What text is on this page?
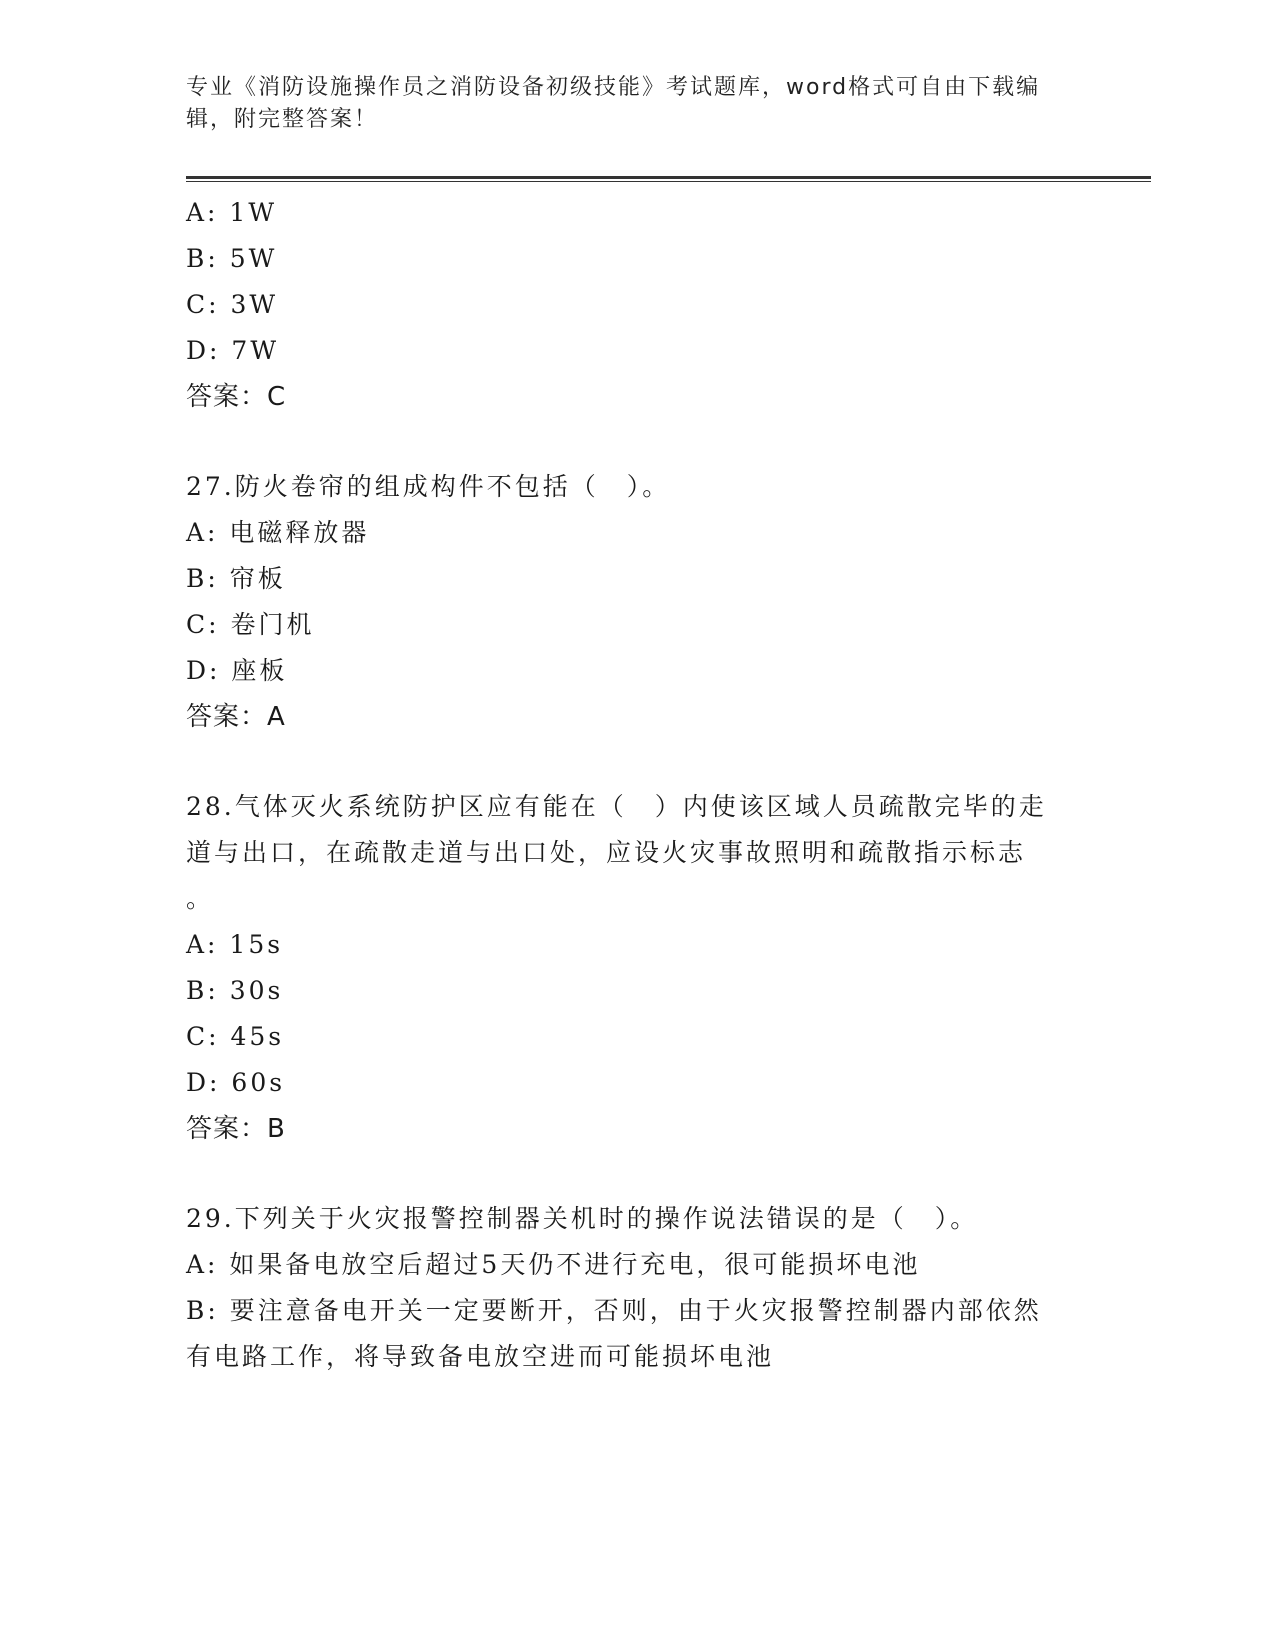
专业《消防设施操作员之消防设备初级技能》考试题库，word格式可自由下载编辑，附完整答案！
A: 1W
B: 5W
C: 3W
D: 7W
答案：C
27.防火卷帘的组成构件不包括（　）。
A: 电磁释放器
B: 帘板
C: 卷门机
D: 座板
答案：A
28.气体灭火系统防护区应有能在（　）内使该区域人员疏散完毕的走
道与出口，在疏散走道与出口处，应设火灾事故照明和疏散指示标志
。
A: 15s
B: 30s
C: 45s
D: 60s
答案：B
29.下列关于火灾报警控制器关机时的操作说法错误的是（　）。
A: 如果备电放空后超过5天仍不进行充电，很可能损坏电池
B: 要注意备电开关一定要断开，否则，由于火灾报警控制器内部依然
有电路工作，将导致备电放空进而可能损坏电池
